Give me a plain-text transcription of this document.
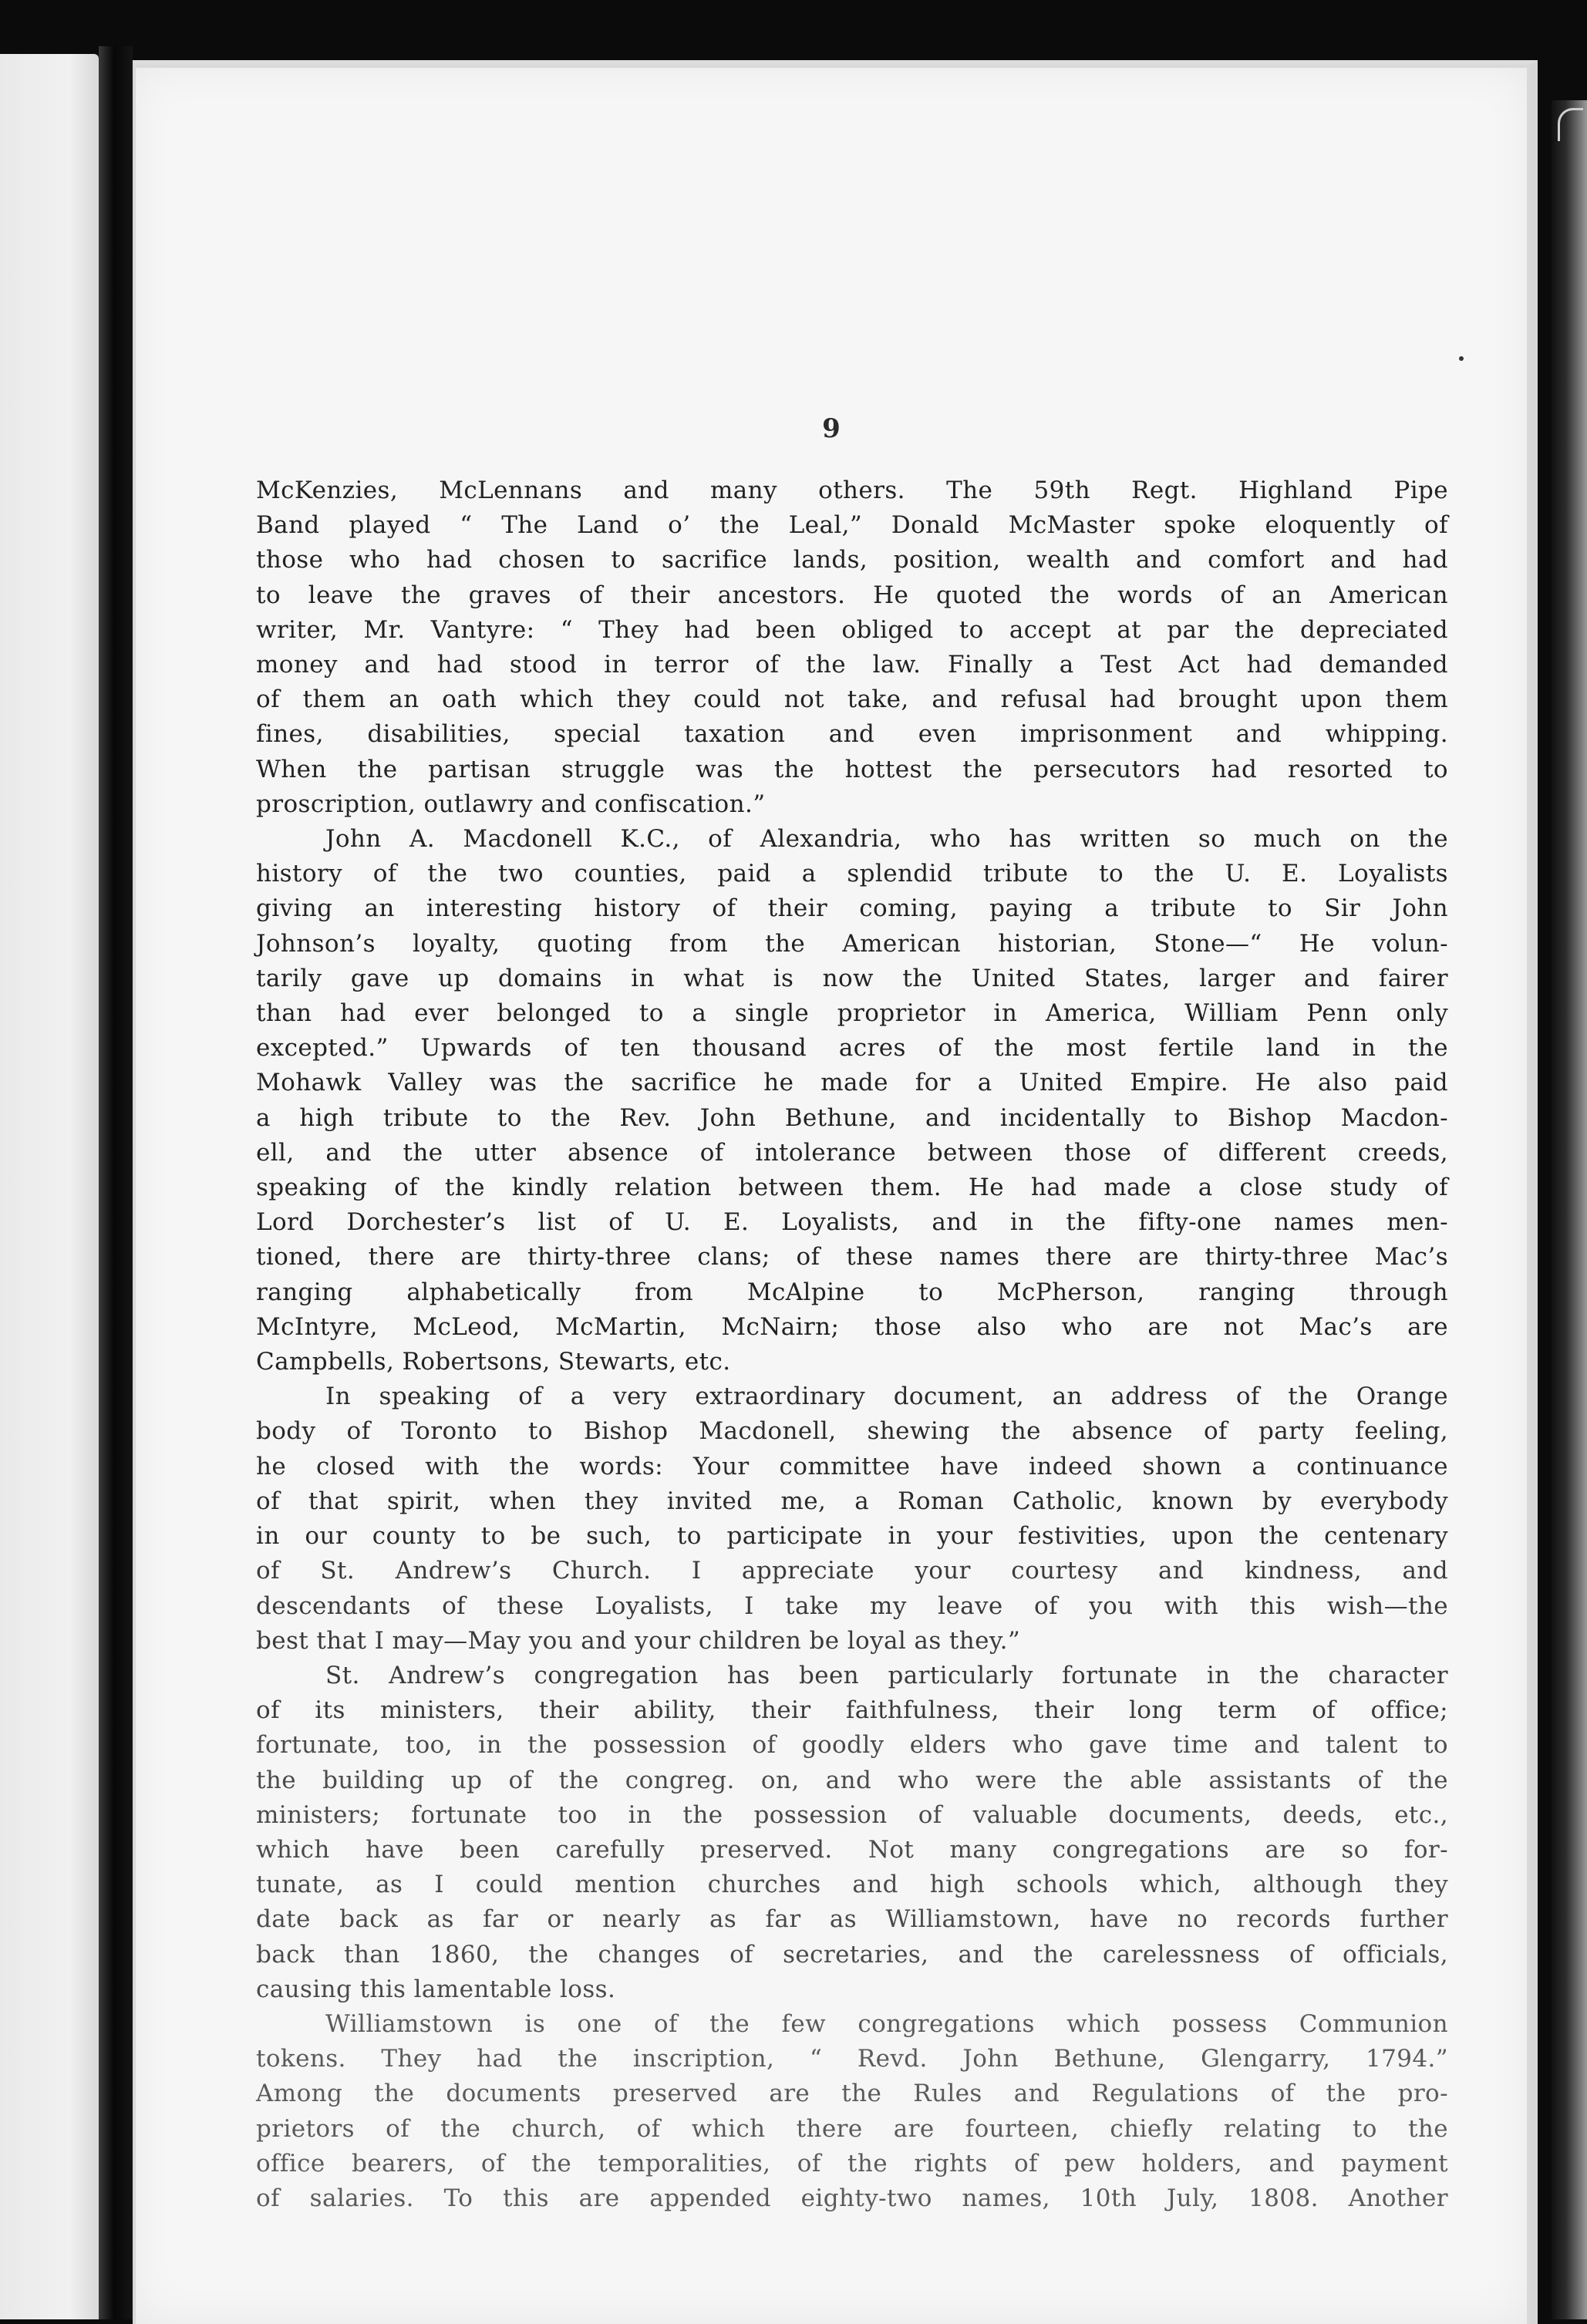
9

McKenzies, McLennans and many others. The 59th Regt. Highland Pipe

Band played “ The Land o’ the Leal,” Donald McMaster spoke eloquently of

those who had chosen to sacrifice lands, position, wealth and comfort and had

to leave the graves of their ancestors. He quoted the words of an American

writer, Mr. Vantyre: “ They had been obliged to accept at par the depreciated

money and had stood in terror of the law. Finally a Test Act had demanded

of them an oath which they could not take, and refusal had brought upon them

fines, disabilities, special taxation and even imprisonment and whipping.

When the partisan struggle was the hottest the persecutors had resorted to

proscription, outlawry and confiscation.”

John A. Macdonell K.C., of Alexandria, who has written so much on the

history of the two counties, paid a splendid tribute to the U. E. Loyalists

giving an interesting history of their coming, paying a tribute to Sir John

Johnson’s loyalty, quoting from the American historian, Stone—“ He volun-

tarily gave up domains in what is now the United States, larger and fairer

than had ever belonged to a single proprietor in America, William Penn only

excepted.” Upwards of ten thousand acres of the most fertile land in the

Mohawk Valley was the sacrifice he made for a United Empire. He also paid

a high tribute to the Rev. John Bethune, and incidentally to Bishop Macdon-

ell, and the utter absence of intolerance between those of different creeds,

speaking of the kindly relation between them. He had made a close study of

Lord Dorchester’s list of U. E. Loyalists, and in the fifty-one names men-

tioned, there are thirty-three clans; of these names there are thirty-three Mac’s

ranging alphabetically from McAlpine to McPherson, ranging through

McIntyre, McLeod, McMartin, McNairn; those also who are not Mac’s are

Campbells, Robertsons, Stewarts, etc.

In speaking of a very extraordinary document, an address of the Orange

body of Toronto to Bishop Macdonell, shewing the absence of party feeling,

he closed with the words: Your committee have indeed shown a continuance

of that spirit, when they invited me, a Roman Catholic, known by everybody

in our county to be such, to participate in your festivities, upon the centenary

of St. Andrew’s Church. I appreciate your courtesy and kindness, and

descendants of these Loyalists, I take my leave of you with this wish—the

best that I may—May you and your children be loyal as they.”

St. Andrew’s congregation has been particularly fortunate in the character

of its ministers, their ability, their faithfulness, their long term of office;

fortunate, too, in the possession of goodly elders who gave time and talent to

the building up of the congreg. on, and who were the able assistants of the

ministers; fortunate too in the possession of valuable documents, deeds, etc.,

which have been carefully preserved. Not many congregations are so for-

tunate, as I could mention churches and high schools which, although they

date back as far or nearly as far as Williamstown, have no records further

back than 1860, the changes of secretaries, and the carelessness of officials,

causing this lamentable loss.

Williamstown is one of the few congregations which possess Communion

tokens. They had the inscription, “ Revd. John Bethune, Glengarry, 1794.”

Among the documents preserved are the Rules and Regulations of the pro-

prietors of the church, of which there are fourteen, chiefly relating to the

office bearers, of the temporalities, of the rights of pew holders, and payment

of salaries. To this are appended eighty-two names, 10th July, 1808. Another
